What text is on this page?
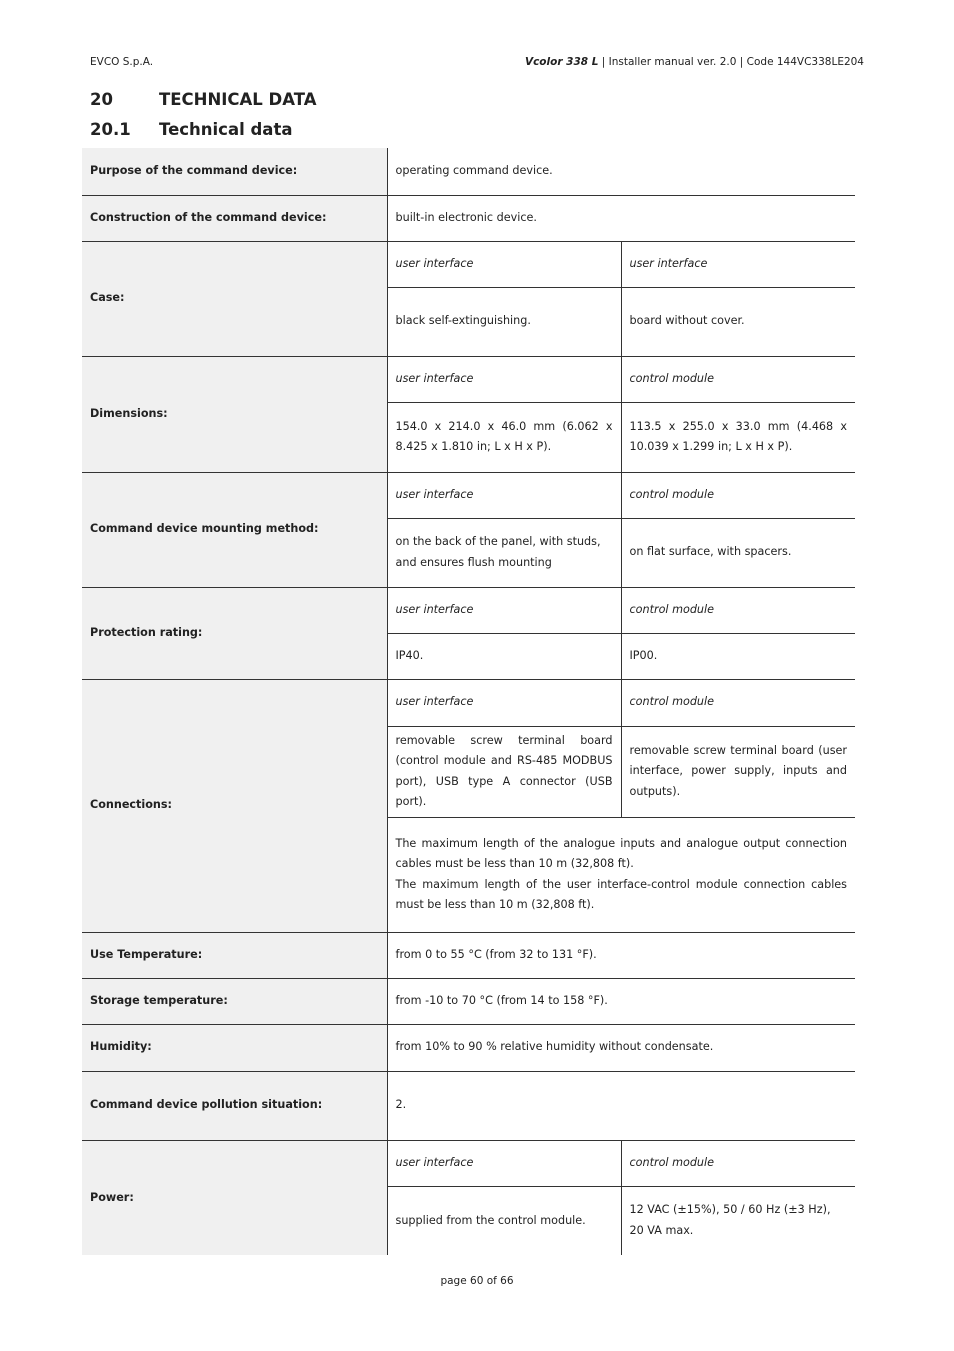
EVCO S.p.A.	Vcolor 338 L | Installer manual ver. 2.0 | Code 144VC338LE204
20	TECHNICAL DATA
20.1 Technical data
Purpose of the command device:	operating command device.	
Construction of the command device:	built-in electronic device.	
Case:	user interface	user interface
	black self-extinguishing.	board without cover.
Dimensions:	user interface	control module
	154.0 x 214.0 x 46.0 mm (6.062 x 8.425 x 1.810 in; L x H x P).	113.5 x 255.0 x 33.0 mm (4.468 x 10.039 x 1.299 in; L x H x P).
Command device mounting method:	user interface	control module
	on the back of the panel, with studs, and ensures flush mounting	on flat surface, with spacers.
Protection rating:	user interface	control module
	IP40.	IP00.
Connections:	user interface	control module
	removable screw terminal board (control module and RS-485 MODBUS port), USB type A connector (USB port).	removable screw terminal board (user interface, power supply, inputs and outputs).

	The maximum length of the analogue inputs and analogue output connection cables must be less than 10 m (32,808 ft).
The maximum length of the user interface-control module connection cables must be less than 10 m (32,808 ft).	

Use Temperature:	from 0 to 55 °C (from 32 to 131 °F).	
Storage temperature:	from -10 to 70 °C (from 14 to 158 °F).	
Humidity:	from 10% to 90 % relative humidity without condensate.	
Command device pollution situation:	2.	
Power:	user interface	control module
	supplied from the control module.	12 VAC (±15%), 50 / 60 Hz (±3 Hz), 20 VA max.
page 60 of 66
